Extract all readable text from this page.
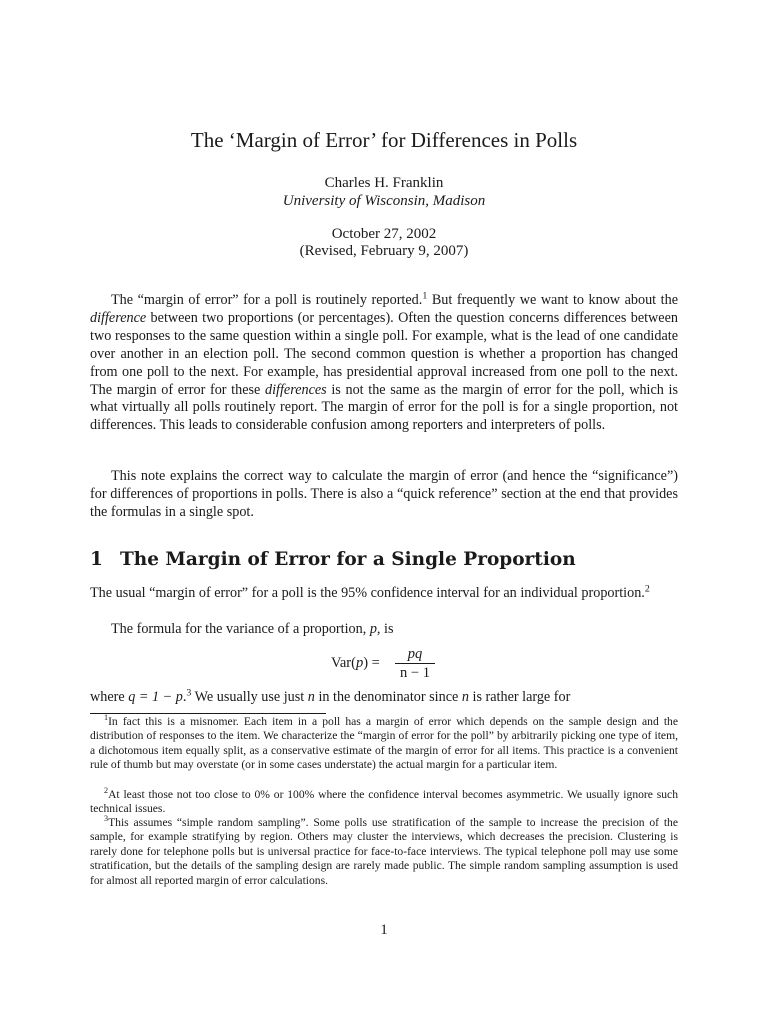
The ‘Margin of Error’ for Differences in Polls
Charles H. Franklin
University of Wisconsin, Madison
October 27, 2002
(Revised, February 9, 2007)
The “margin of error” for a poll is routinely reported.$^1$ But frequently we want to know about the difference between two proportions (or percentages). Often the question concerns differences between two responses to the same question within a single poll. For example, what is the lead of one candidate over another in an election poll. The second common question is whether a proportion has changed from one poll to the next. For example, has presidential approval increased from one poll to the next. The margin of error for these differences is not the same as the margin of error for the poll, which is what virtually all polls routinely report. The margin of error for the poll is for a single proportion, not differences. This leads to considerable confusion among reporters and interpreters of polls.
This note explains the correct way to calculate the margin of error (and hence the “significance”) for differences of proportions in polls. There is also a “quick reference” section at the end that provides the formulas in a single spot.
1 The Margin of Error for a Single Proportion
The usual “margin of error” for a poll is the 95% confidence interval for an individual proportion.$^2$
The formula for the variance of a proportion, p, is
$Var(p) = \frac{pq}{n - 1}$
where q = 1 − p.$^3$ We usually use just n in the denominator since n is rather large for
$^1$In fact this is a misnomer. Each item in a poll has a margin of error which depends on the sample design and the distribution of responses to the item. We characterize the “margin of error for the poll” by arbitrarily picking one type of item, a dichotomous item equally split, as a conservative estimate of the margin of error for all items. This practice is a convenient rule of thumb but may overstate (or in some cases understate) the actual margin for a particular item.
$^2$At least those not too close to 0% or 100% where the confidence interval becomes asymmetric. We usually ignore such technical issues.
$^3$This assumes “simple random sampling”. Some polls use stratification of the sample to increase the precision of the sample, for example stratifying by region. Others may cluster the interviews, which decreases the precision. Clustering is rarely done for telephone polls but is universal practice for face-to-face interviews. The typical telephone poll may use some stratification, but the details of the sampling design are rarely made public. The simple random sampling assumption is used for almost all reported margin of error calculations.
1
